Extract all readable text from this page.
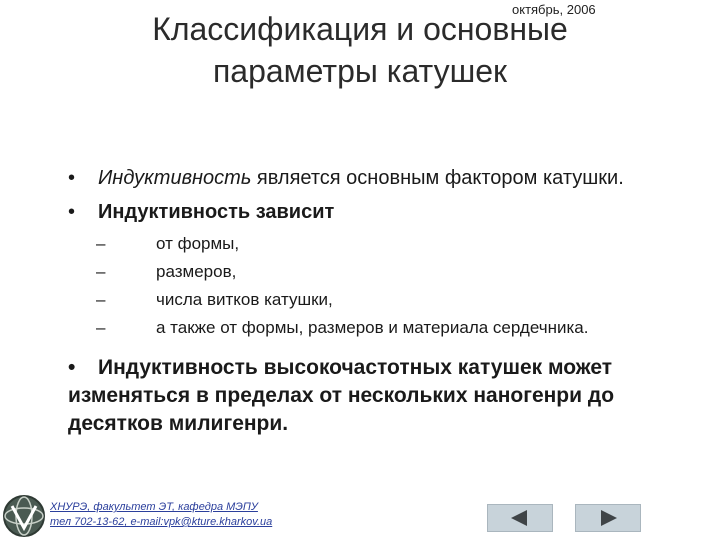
октябрь, 2006
Классификация и основные
параметры катушек
• Индуктивность является основным фактором катушки.
• Индуктивность зависит
–	от формы,
–	размеров,
–	числа витков катушки,
–	а также от формы, размеров и материала сердечника.
• Индуктивность высокочастотных катушек может изменяться в пределах от нескольких наногенри до десятков милигенри.
ХНУРЭ, факультет ЭТ, кафедра МЭПУ
тел 702-13-62, e-mail:vpk@kture.kharkov.ua
